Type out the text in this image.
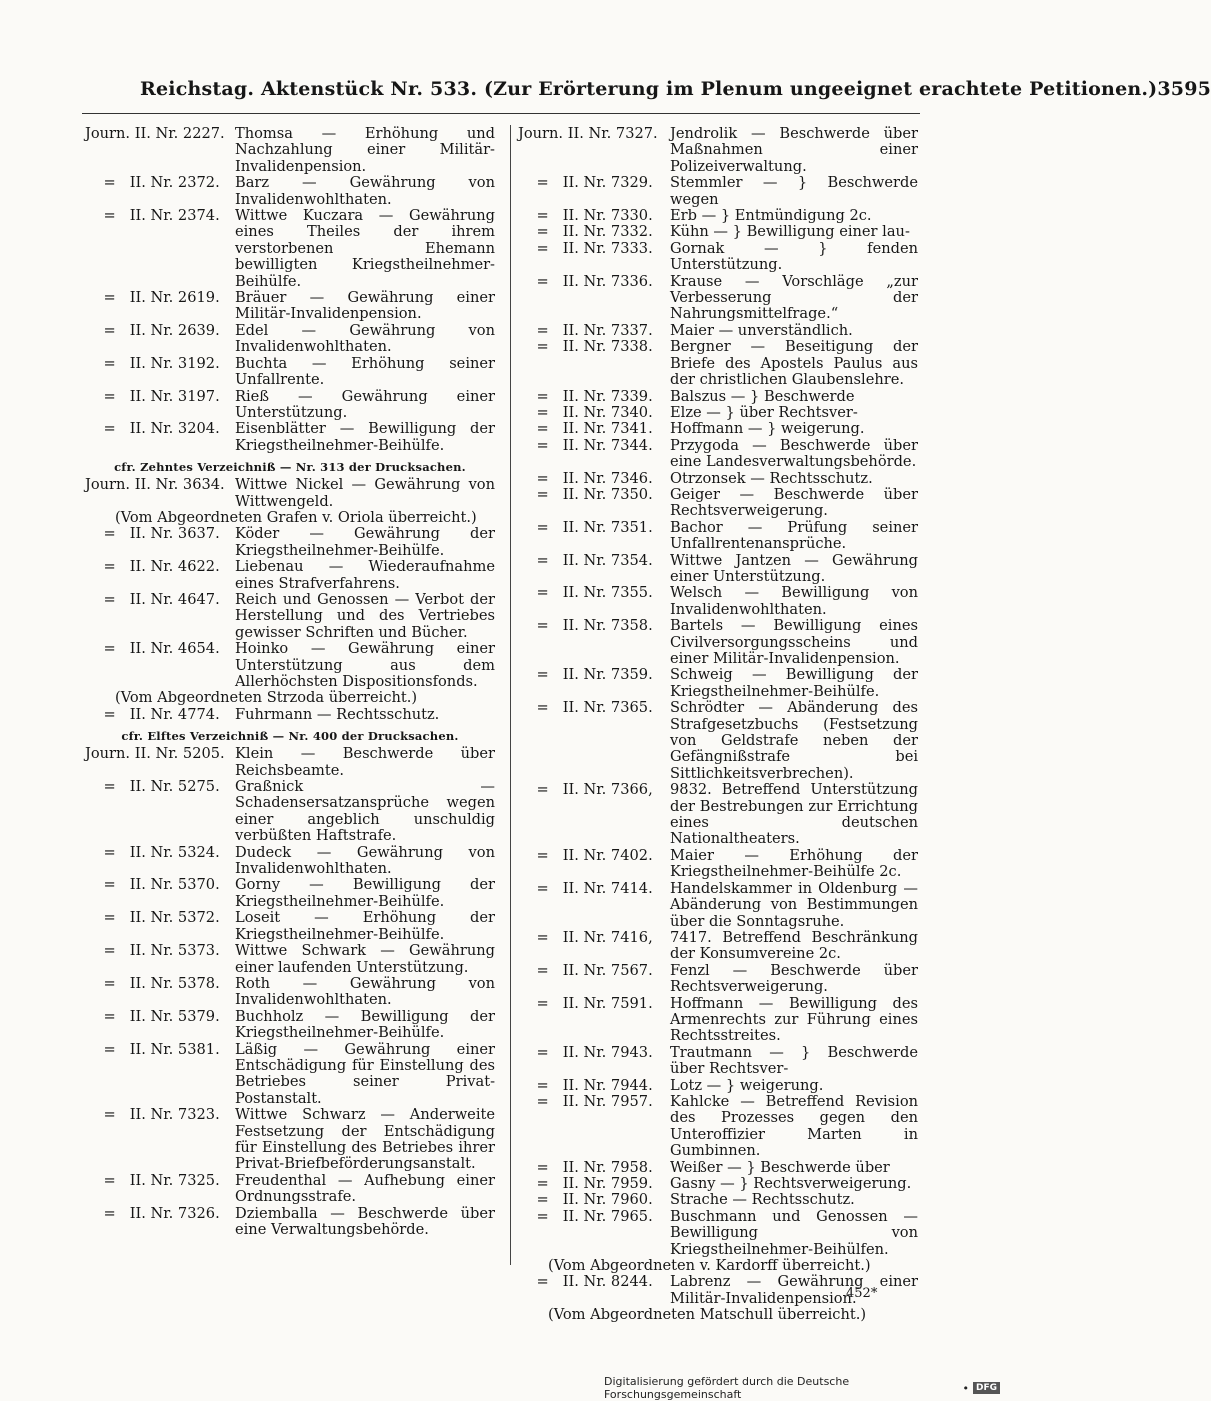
Reichstag. Aktenstück Nr. 533. (Zur Erörterung im Plenum ungeeignet erachtete Petitionen.) 3595
Journ. II. Nr. 2227. Thomsa — Erhöhung und Nachzahlung einer Militär-Invalidenpension.
=   II. Nr. 2372.	Barz — Gewährung von Invalidenwohlthaten.
=   II. Nr. 2374.	Wittwe Kuczara — Gewährung eines Theiles der ihrem verstorbenen Ehemann bewilligten Kriegstheilnehmer-Beihülfe.
=   II. Nr. 2619.	Bräuer — Gewährung einer Militär-Invalidenpension.
=   II. Nr. 2639.	Edel — Gewährung von Invalidenwohlthaten.
=   II. Nr. 3192.	Buchta — Erhöhung seiner Unfallrente.
=   II. Nr. 3197.	Rieß — Gewährung einer Unterstützung.
=   II. Nr. 3204.	Eisenblätter — Bewilligung der Kriegstheilnehmer-Beihülfe.
cfr. Zehntes Verzeichniß — Nr. 313 der Drucksachen.
Journ. II. Nr. 3634. Wittwe Nickel — Gewährung von Wittwengeld.
(Vom Abgeordneten Grafen v. Oriola überreicht.)
=   II. Nr. 3637.	Köder — Gewährung der Kriegstheilnehmer-Beihülfe.
=   II. Nr. 4622.	Liebenau — Wiederaufnahme eines Strafverfahrens.
=   II. Nr. 4647.	Reich und Genossen — Verbot der Herstellung und des Vertriebes gewisser Schriften und Bücher.
=   II. Nr. 4654.	Hoinko — Gewährung einer Unterstützung aus dem Allerhöchsten Dispositionsfonds.
(Vom Abgeordneten Strzoda überreicht.)
=   II. Nr. 4774.	Fuhrmann — Rechtsschutz.
cfr. Elftes Verzeichniß — Nr. 400 der Drucksachen.
Journ. II. Nr. 5205. Klein — Beschwerde über Reichsbeamte.
=   II. Nr. 5275.	Graßnick — Schadensersatzansprüche wegen einer angeblich unschuldig verbüßten Haftstrafe.
=   II. Nr. 5324.	Dudeck — Gewährung von Invalidenwohlthaten.
=   II. Nr. 5370.	Gorny — Bewilligung der Kriegstheilnehmer-Beihülfe.
=   II. Nr. 5372.	Loseit — Erhöhung der Kriegstheilnehmer-Beihülfe.
=   II. Nr. 5373.	Wittwe Schwark — Gewährung einer laufenden Unterstützung.
=   II. Nr. 5378.	Roth — Gewährung von Invalidenwohlthaten.
=   II. Nr. 5379.	Buchholz — Bewilligung der Kriegstheilnehmer-Beihülfe.
=   II. Nr. 5381.	Läßig — Gewährung einer Entschädigung für Einstellung des Betriebes seiner Privat-Postanstalt.
=   II. Nr. 7323.	Wittwe Schwarz — Anderweite Festsetzung der Entschädigung für Einstellung des Betriebes ihrer Privat-Briefbeförderungsanstalt.
=   II. Nr. 7325.	Freudenthal — Aufhebung einer Ordnungsstrafe.
=   II. Nr. 7326.	Dziemballa — Beschwerde über eine Verwaltungsbehörde.
Journ. II. Nr. 7327. Jendrolik — Beschwerde über Maßnahmen einer Polizeiverwaltung.
=   II. Nr. 7329.	Stemmler — } Beschwerde wegen
=   II. Nr. 7330.	Erb — } Entmündigung 2c.
=   II. Nr. 7332.	Kühn — } Bewilligung einer lau-
=   II. Nr. 7333.	Gornak — } fenden Unterstützung.
=   II. Nr. 7336.	Krause — Vorschläge „zur Verbesserung der Nahrungsmittelfrage.“
=   II. Nr. 7337.	Maier — unverständlich.
=   II. Nr. 7338.	Bergner — Beseitigung der Briefe des Apostels Paulus aus der christlichen Glaubenslehre.
=   II. Nr. 7339.	Balszus — } Beschwerde
=   II. Nr. 7340.	Elze — } über Rechtsver-
=   II. Nr. 7341.	Hoffmann — } weigerung.
=   II. Nr. 7344.	Przygoda — Beschwerde über eine Landesverwaltungsbehörde.
=   II. Nr. 7346.	Otrzonsek — Rechtsschutz.
=   II. Nr. 7350.	Geiger — Beschwerde über Rechtsverweigerung.
=   II. Nr. 7351.	Bachor — Prüfung seiner Unfallrentenansprüche.
=   II. Nr. 7354.	Wittwe Jantzen — Gewährung einer Unterstützung.
=   II. Nr. 7355.	Welsch — Bewilligung von Invalidenwohlthaten.
=   II. Nr. 7358.	Bartels — Bewilligung eines Civilversorgungsscheins und einer Militär-Invalidenpension.
=   II. Nr. 7359.	Schweig — Bewilligung der Kriegstheilnehmer-Beihülfe.
=   II. Nr. 7365.	Schrödter — Abänderung des Strafgesetzbuchs (Festsetzung von Geldstrafe neben der Gefängnißstrafe bei Sittlichkeitsverbrechen).
=   II. Nr. 7366,	9832. Betreffend Unterstützung der Bestrebungen zur Errichtung eines deutschen Nationaltheaters.
=   II. Nr. 7402.	Maier — Erhöhung der Kriegstheilnehmer-Beihülfe 2c.
=   II. Nr. 7414.	Handelskammer in Oldenburg — Abänderung von Bestimmungen über die Sonntagsruhe.
=   II. Nr. 7416,	7417. Betreffend Beschränkung der Konsumvereine 2c.
=   II. Nr. 7567.	Fenzl — Beschwerde über Rechtsverweigerung.
=   II. Nr. 7591.	Hoffmann — Bewilligung des Armenrechts zur Führung eines Rechtsstreites.
=   II. Nr. 7943.	Trautmann — } Beschwerde über Rechtsver-
=   II. Nr. 7944.	Lotz — } weigerung.
=   II. Nr. 7957.	Kahlcke — Betreffend Revision des Prozesses gegen den Unteroffizier Marten in Gumbinnen.
=   II. Nr. 7958.	Weißer — } Beschwerde über
=   II. Nr. 7959.	Gasny — } Rechtsverweigerung.
=   II. Nr. 7960.	Strache — Rechtsschutz.
=   II. Nr. 7965.	Buschmann und Genossen — Bewilligung von Kriegstheilnehmer-Beihülfen.
(Vom Abgeordneten v. Kardorff überreicht.)
=   II. Nr. 8244.	Labrenz — Gewährung einer Militär-Invalidenpension.
(Vom Abgeordneten Matschull überreicht.)
452*
Digitalisierung gefördert durch die Deutsche Forschungsgemeinschaft	• DFG
